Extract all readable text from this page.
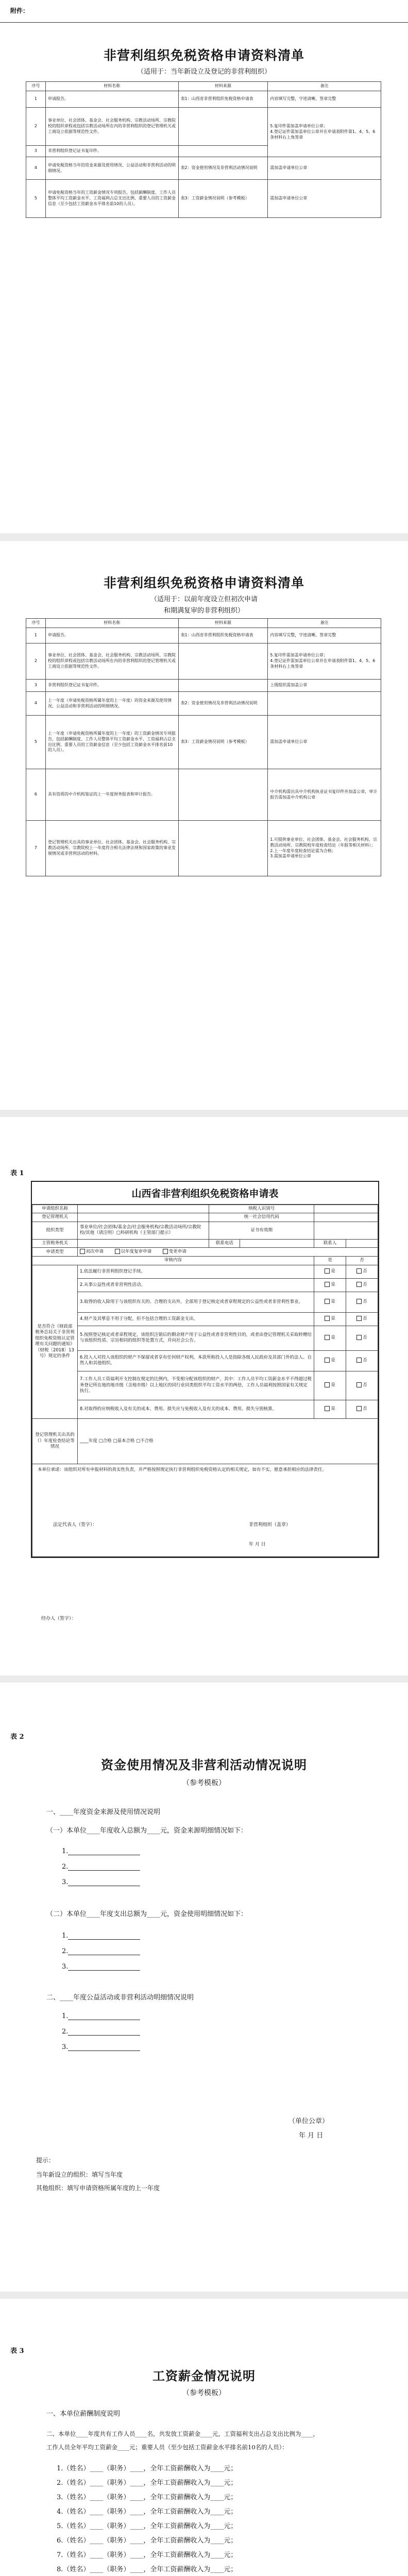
附件：
非营利组织免税资格申请资料清单
（适用于：当年新设立及登记的非营利组织）
序号	材料名称	材料来源	备注
1	申请报告。	表1：山西省非营利组织免税资格申请表	内容填写完整，字迹清晰，签章完整
2	事业单位、社会团体、基金会、社会服务机构、宗教活动场所、宗教院校的组织章程或包括宗教活动场所在内的非营利组织的登记管理机关或工商设立依据等规范性文件。		5.复印件需加盖申请单位公章；
4.登记证件需加盖单位公章并在申请表附件第1、4、5、6条材料右上角签章
3	非营利组织登记证书复印件。		
4	申请免税资格当年的资金来源及使用情况、公益活动和非营利活动的明细情况。	表2：资金使用情况及非营利活动情况说明	需加盖申请单位公章
5	申请免税资格当年的工资薪金情况专项报告，包括薪酬制度、工作人员整体平均工资薪金水平、工资福利占总支出比例、重要人员的工资薪金信息（至少包括工资薪金水平排名前10的人员）。	表3：工资薪金情况说明（参考模板）	需加盖申请单位公章
非营利组织免税资格申请资料清单
（适用于：以前年度设立但初次申请
和期满复审的非营利组织）
序号	材料名称	材料来源	备注
1	申请报告。	表1：山西省非营利组织免税资格申请表	内容填写完整，字迹清晰，签章完整
2	事业单位、社会团体、基金会、社会服务机构、宗教活动场所、宗教院校的组织章程或包括宗教活动场所在内的非营利组织的登记管理机关或工商设立依据等规范性文件。		5.复印件需加盖申请单位公章；
4.登记证件需加盖单位公章并在申请表附件第1、4、5、6条材料右上角签章
3	非营利组织登记证书复印件。		上级组织需加盖公章
4	上一年度（申请免税资格所属年度的上一年度）的资金来源及使用情况、公益活动和非营利活动的明细情况。	表2：资金使用情况及非营利活动情况说明	
5	上一年度（申请免税资格所属年度的上一年度）的工资薪金情况专项报告，包括薪酬制度、工作人员整体平均工资薪金水平、工资福利占总支出比例、重要人员的工资薪金信息（至少包括工资薪金水平排名前10的人员）。	表3：工资薪金情况说明（参考模板）	需加盖申请单位公章
6	具有资质的中介机构鉴证的上一年度财务报表和审计报告。		中介机构需出具中介机构执业证书复印件并加盖公章，审计报告需加盖中介机构公章
7	登记管理机关出具的事业单位、社会团体、基金会、社会服务机构、宗教活动场所、宗教院校上一年度符合相关法律法规和国家政策的事业发展情况或非营利活动的材料。		1.可提供事业单位、社会团体、基金会、社会服务机构、宗教活动场所、宗教院校年度检查结论（年报等相关材料）；
2.上一年度年度检查结论需为合格；
3.需加盖申请单位公章
表 1
山西省非营利组织免税资格申请表
申请组织名称		纳税人识别号			
登记管理机关		统一社会信用代码			
组织类型	事业单位/社会团体/基金会/社会服务机构/宗教活动场所/宗教院校/其他（请注明）□科研机构（主管部门提示）	证书有效期			
主管税务机关		联系电话		联系人	
申请类型	初次申请 以年度复审申请 变更申请				
审核内容				是	否
是否符合《财政部 税务总局关于非营利组织免税资格认定管理有关问题的通知》（财税〔2018〕13号）规定的条件	1.依法履行非营利组织登记手续。			是	否
	2.从事公益性或者非营利性活动。			是	否
	3.取得的收入除用于与该组织有关的、合理的支出外，全部用于登记核定或者章程规定的公益性或者非营利性事业。			是	否
	4.财产及其孳息不用于分配，但不包括合理的工资薪金支出。			是	否
	5.按照登记核定或者章程规定，该组织注销后的剩余财产用于公益性或者非营利性目的，或者由登记管理机关采取转赠给与该组织性质、宗旨相同的组织等处置方式，并向社会公告。			是	否
	6.投入人对投入该组织的财产不保留或者享有任何财产权利，本款所称投入人是指除各级人民政府及其部门外的法人、自然人和其他组织。			是	否
	7.工作人员工资福利开支控制在规定的比例内，不变相分配该组织的财产，其中：工作人员平均工资薪金水平不得超过税务登记所在地的地市级（含地市级）以上地区的同行业同类组织平均工资水平的两倍，工作人员福利按照国家有关规定执行。			是	否
	8.对取得的应纳税收入及有关的成本、费用、损失应与免税收入及有关的成本、费用、损失分别核算。			是	否
登记管理机关出具的（）年度检查结论等情况	____年度 □合格 □基本合格 □不合格				

本单位承诺：该组织对所有申报材料的真实性负责，并严格按照规定执行非营利组织免税资格认定的相关规定，如有不实，愿意承担相应的法律责任。
法定代表人（签字）： 非营利组织（盖章）
年 月 日					
经办人（签字）：
表 2
资金使用情况及非营利活动情况说明
（参考模板）
一、____年度资金来源及使用情况说明
（一）本单位____年度收入总额为____元，资金来源明细情况如下：
1.
2.
3.
（二）本单位____年度支出总额为____元，资金使用明细情况如下：
1.
2.
3.
二、____年度公益活动或非营利活动明细情况说明
1.
2.
3.
（单位公章）
年 月 日
提示：
当年新设立的组织：填写当年度
其他组织：填写申请资格所属年度的上一年度
表 3
工资薪金情况说明
（参考模板）
一、本单位薪酬制度说明
二、本单位____年度共有工作人员____名，共发放工资薪金____元，工资福利支出占总支出比例为____，
工作人员全年平均工资薪金____元；重要人员（至少包括工资薪金水平排名前10名的人员）：
1.（姓名）____（职务）____，全年工资薪酬收入为____元；
2.（姓名）____（职务）____，全年工资薪酬收入为____元；
3.（姓名）____（职务）____，全年工资薪酬收入为____元；
4.（姓名）____（职务）____，全年工资薪酬收入为____元；
5.（姓名）____（职务）____，全年工资薪酬收入为____元；
6.（姓名）____（职务）____，全年工资薪酬收入为____元；
7.（姓名）____（职务）____，全年工资薪酬收入为____元；
8.（姓名）____（职务）____，全年工资薪酬收入为____元；
